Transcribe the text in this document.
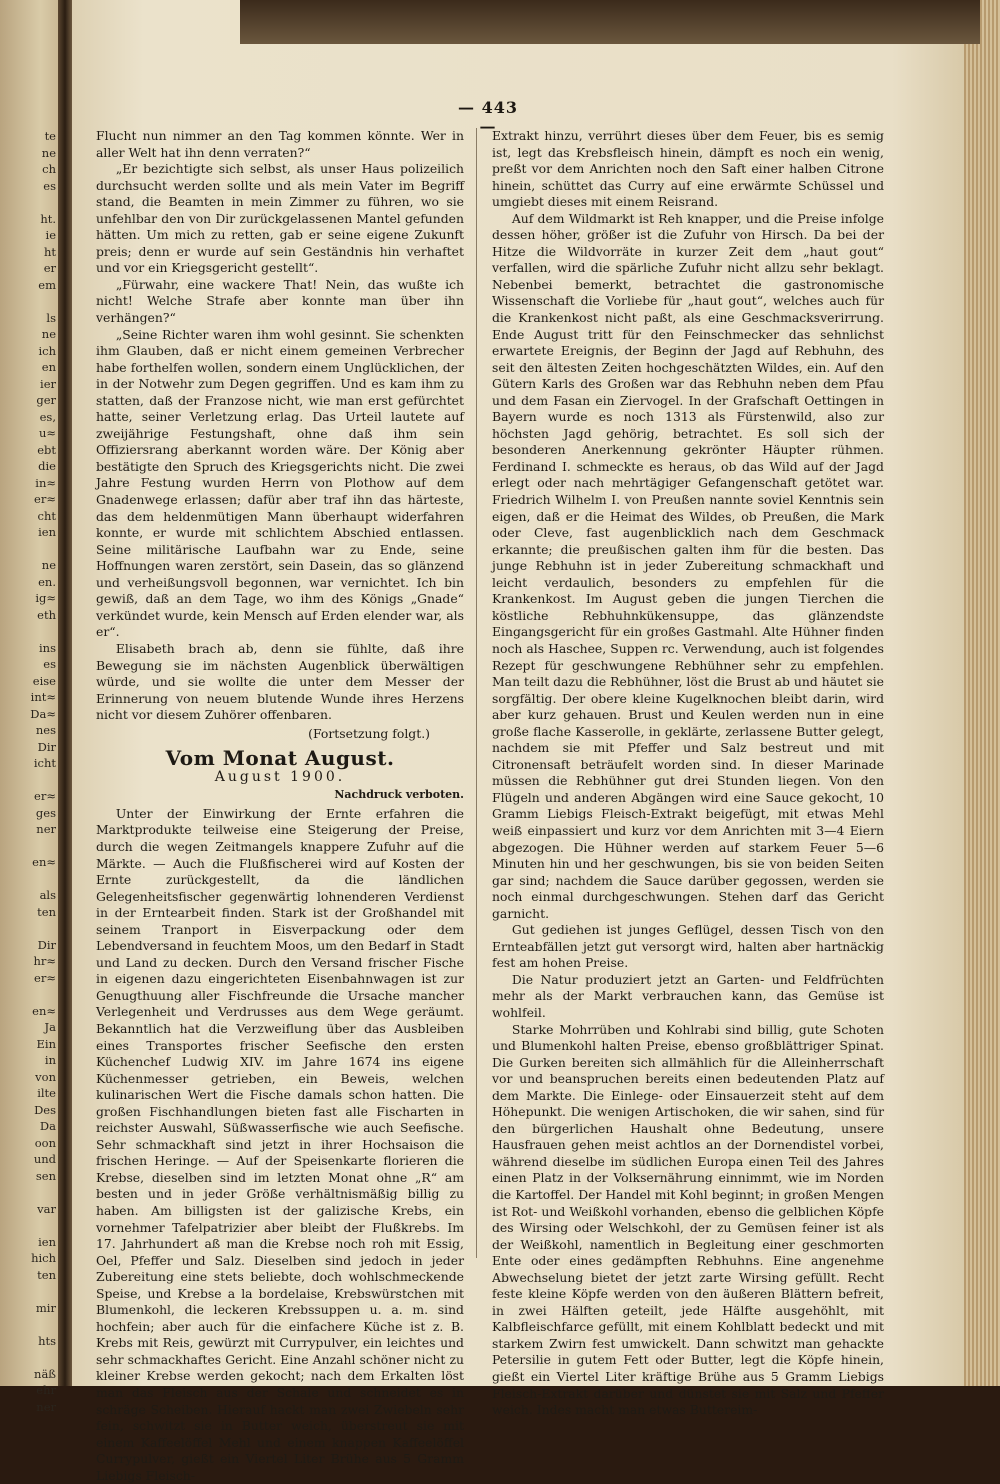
te
ne
ch
es
ht.
ie
ht
er
em
ls
ne
ich
en
ier
ger
es,
u≈
ebt
die
in≈
er≈
cht
ien
ne
en.
ig≈
eth
ins
es
eise
int≈
Da≈
nes
Dir
icht
er≈
ges
ner
en≈
als
ten
Dir
hr≈
er≈
en≈
Ja
Ein
in
von
ilte
Des
Da
oon
und
sen
var
ien
hich
ten
mir
hts
näß
ehr
ner
— 443 —

Flucht nun nimmer an den Tag kommen könnte. Wer in aller Welt hat ihn denn verraten?“

„Er bezichtigte sich selbst, als unser Haus polizeilich durchsucht werden sollte und als mein Vater im Begriff stand, die Beamten in mein Zimmer zu führen, wo sie unfehlbar den von Dir zurückgelassenen Mantel gefunden hätten. Um mich zu retten, gab er seine eigene Zukunft preis; denn er wurde auf sein Geständnis hin verhaftet und vor ein Kriegsgericht gestellt“.

„Fürwahr, eine wackere That! Nein, das wußte ich nicht! Welche Strafe aber konnte man über ihn verhängen?“

„Seine Richter waren ihm wohl gesinnt. Sie schenkten ihm Glauben, daß er nicht einem gemeinen Verbrecher habe forthelfen wollen, sondern einem Unglücklichen, der in der Notwehr zum Degen gegriffen. Und es kam ihm zu statten, daß der Franzose nicht, wie man erst gefürchtet hatte, seiner Verletzung erlag. Das Urteil lautete auf zweijährige Festungshaft, ohne daß ihm sein Offiziersrang aberkannt worden wäre. Der König aber bestätigte den Spruch des Kriegsgerichts nicht. Die zwei Jahre Festung wurden Herrn von Plothow auf dem Gnadenwege erlassen; dafür aber traf ihn das härteste, das dem heldenmütigen Mann überhaupt widerfahren konnte, er wurde mit schlichtem Abschied entlassen. Seine militärische Laufbahn war zu Ende, seine Hoffnungen waren zerstört, sein Dasein, das so glänzend und verheißungsvoll begonnen, war vernichtet. Ich bin gewiß, daß an dem Tage, wo ihm des Königs „Gnade“ verkündet wurde, kein Mensch auf Erden elender war, als er“.

Elisabeth brach ab, denn sie fühlte, daß ihre Bewegung sie im nächsten Augenblick überwältigen würde, und sie wollte die unter dem Messer der Erinnerung von neuem blutende Wunde ihres Herzens nicht vor diesem Zuhörer offenbaren.

(Fortsetzung folgt.)
Vom Monat August.
August 1900.
Nachdruck verboten.

Unter der Einwirkung der Ernte erfahren die Marktprodukte teilweise eine Steigerung der Preise, durch die wegen Zeitmangels knappere Zufuhr auf die Märkte. — Auch die Flußfischerei wird auf Kosten der Ernte zurückgestellt, da die ländlichen Gelegenheitsfischer gegenwärtig lohnenderen Verdienst in der Erntearbeit finden. Stark ist der Großhandel mit seinem Tranport in Eisverpackung oder dem Lebendversand in feuchtem Moos, um den Bedarf in Stadt und Land zu decken. Durch den Versand frischer Fische in eigenen dazu eingerichteten Eisenbahnwagen ist zur Genugthuung aller Fischfreunde die Ursache mancher Verlegenheit und Verdrusses aus dem Wege geräumt. Bekanntlich hat die Verzweiflung über das Ausbleiben eines Transportes frischer Seefische den ersten Küchenchef Ludwig XIV. im Jahre 1674 ins eigene Küchenmesser getrieben, ein Beweis, welchen kulinarischen Wert die Fische damals schon hatten. Die großen Fischhandlungen bieten fast alle Fischarten in reichster Auswahl, Süßwasserfische wie auch Seefische. Sehr schmackhaft sind jetzt in ihrer Hochsaison die frischen Heringe. — Auf der Speisenkarte florieren die Krebse, dieselben sind im letzten Monat ohne „R“ am besten und in jeder Größe verhältnismäßig billig zu haben. Am billigsten ist der galizische Krebs, ein vornehmer Tafelpatrizier aber bleibt der Flußkrebs. Im 17. Jahrhundert aß man die Krebse noch roh mit Essig, Oel, Pfeffer und Salz. Dieselben sind jedoch in jeder Zubereitung eine stets beliebte, doch wohlschmeckende Speise, und Krebse a la bordelaise, Krebswürstchen mit Blumenkohl, die leckeren Krebssuppen u. a. m. sind hochfein; aber auch für die einfachere Küche ist z. B. Krebs mit Reis, gewürzt mit Currypulver, ein leichtes und sehr schmackhaftes Gericht. Eine Anzahl schöner nicht zu kleiner Krebse werden gekocht; nach dem Erkalten löst man das Fleisch aus der Schale und schneidet es in schräge Scheiben. Hierauf hackt man zwei Zwiebeln sehr fein, schwitzt sie in Butter weich, überstreut sie mit einem Kaffeelöffel Mehl und einem knappen Kaffeelöffel Currypulver, gießt ein Viertel Liter Brühe aus 5 Gramm Liebigs Fleisch-

Extrakt hinzu, verrührt dieses über dem Feuer, bis es semig ist, legt das Krebsfleisch hinein, dämpft es noch ein wenig, preßt vor dem Anrichten noch den Saft einer halben Citrone hinein, schüttet das Curry auf eine erwärmte Schüssel und umgiebt dieses mit einem Reisrand.

Auf dem Wildmarkt ist Reh knapper, und die Preise infolge dessen höher, größer ist die Zufuhr von Hirsch. Da bei der Hitze die Wildvorräte in kurzer Zeit dem „haut gout“ verfallen, wird die spärliche Zufuhr nicht allzu sehr beklagt. Nebenbei bemerkt, betrachtet die gastronomische Wissenschaft die Vorliebe für „haut gout“, welches auch für die Krankenkost nicht paßt, als eine Geschmacksverirrung. Ende August tritt für den Feinschmecker das sehnlichst erwartete Ereignis, der Beginn der Jagd auf Rebhuhn, des seit den ältesten Zeiten hochgeschätzten Wildes, ein. Auf den Gütern Karls des Großen war das Rebhuhn neben dem Pfau und dem Fasan ein Ziervogel. In der Grafschaft Oettingen in Bayern wurde es noch 1313 als Fürstenwild, also zur höchsten Jagd gehörig, betrachtet. Es soll sich der besonderen Anerkennung gekrönter Häupter rühmen. Ferdinand I. schmeckte es heraus, ob das Wild auf der Jagd erlegt oder nach mehrtägiger Gefangenschaft getötet war. Friedrich Wilhelm I. von Preußen nannte soviel Kenntnis sein eigen, daß er die Heimat des Wildes, ob Preußen, die Mark oder Cleve, fast augenblicklich nach dem Geschmack erkannte; die preußischen galten ihm für die besten. Das junge Rebhuhn ist in jeder Zubereitung schmackhaft und leicht verdaulich, besonders zu empfehlen für die Krankenkost. Im August geben die jungen Tierchen die köstliche Rebhuhnkükensuppe, das glänzendste Eingangsgericht für ein großes Gastmahl. Alte Hühner finden noch als Haschee, Suppen rc. Verwendung, auch ist folgendes Rezept für geschwungene Rebhühner sehr zu empfehlen. Man teilt dazu die Rebhühner, löst die Brust ab und häutet sie sorgfältig. Der obere kleine Kugelknochen bleibt darin, wird aber kurz gehauen. Brust und Keulen werden nun in eine große flache Kasserolle, in geklärte, zerlassene Butter gelegt, nachdem sie mit Pfeffer und Salz bestreut und mit Citronensaft beträufelt worden sind. In dieser Marinade müssen die Rebhühner gut drei Stunden liegen. Von den Flügeln und anderen Abgängen wird eine Sauce gekocht, 10 Gramm Liebigs Fleisch-Extrakt beigefügt, mit etwas Mehl weiß einpassiert und kurz vor dem Anrichten mit 3—4 Eiern abgezogen. Die Hühner werden auf starkem Feuer 5—6 Minuten hin und her geschwungen, bis sie von beiden Seiten gar sind; nachdem die Sauce darüber gegossen, werden sie noch einmal durchgeschwungen. Stehen darf das Gericht garnicht.

Gut gediehen ist junges Geflügel, dessen Tisch von den Ernteabfällen jetzt gut versorgt wird, halten aber hartnäckig fest am hohen Preise.

Die Natur produziert jetzt an Garten- und Feldfrüchten mehr als der Markt verbrauchen kann, das Gemüse ist wohlfeil.

Starke Mohrrüben und Kohlrabi sind billig, gute Schoten und Blumenkohl halten Preise, ebenso großblättriger Spinat. Die Gurken bereiten sich allmählich für die Alleinherrschaft vor und beanspruchen bereits einen bedeutenden Platz auf dem Markte. Die Einlege- oder Einsauerzeit steht auf dem Höhepunkt. Die wenigen Artischoken, die wir sahen, sind für den bürgerlichen Haushalt ohne Bedeutung, unsere Hausfrauen gehen meist achtlos an der Dornendistel vorbei, während dieselbe im südlichen Europa einen Teil des Jahres einen Platz in der Volksernährung einnimmt, wie im Norden die Kartoffel. Der Handel mit Kohl beginnt; in großen Mengen ist Rot- und Weißkohl vorhanden, ebenso die gelblichen Köpfe des Wirsing oder Welschkohl, der zu Gemüsen feiner ist als der Weißkohl, namentlich in Begleitung einer geschmorten Ente oder eines gedämpften Rebhuhns. Eine angenehme Abwechselung bietet der jetzt zarte Wirsing gefüllt. Recht feste kleine Köpfe werden von den äußeren Blättern befreit, in zwei Hälften geteilt, jede Hälfte ausgehöhlt, mit Kalbfleischfarce gefüllt, mit einem Kohlblatt bedeckt und mit starkem Zwirn fest umwickelt. Dann schwitzt man gehackte Petersilie in gutem Fett oder Butter, legt die Köpfe hinein, gießt ein Viertel Liter kräftige Brühe aus 5 Gramm Liebigs Fleisch-Extrakt darüber und dünstet sie mit Salz und Pfeffer weich. Indes macht man etwas Buttereim-
